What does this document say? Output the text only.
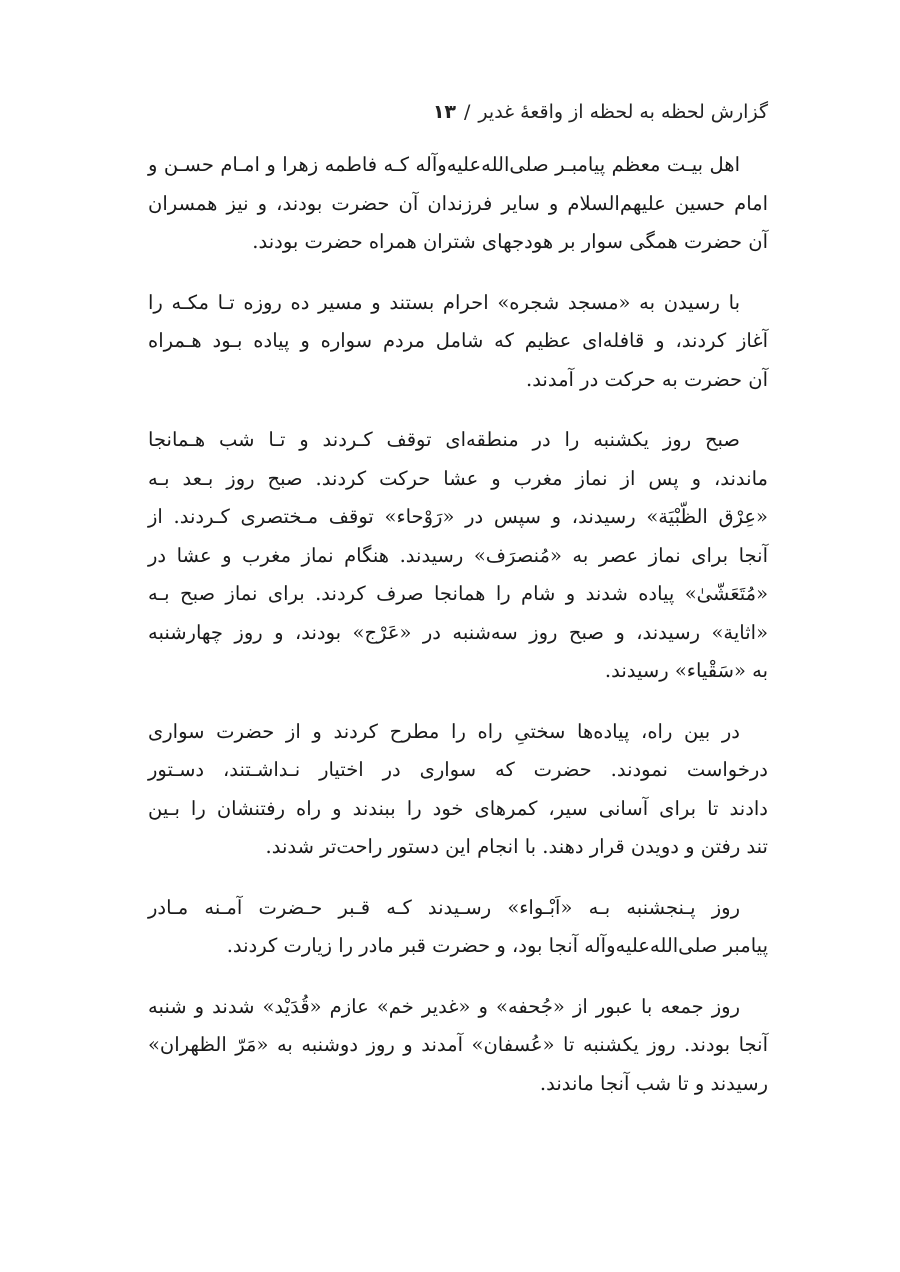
گزارش لحظه به لحظه از واقعهٔ غدیر
/
۱۳
اهل بیـت معظم پیامبـر صلی‌الله‌علیه‌وآله کـه فاطمه زهرا و امـام حسـن و
امام حسین علیهم‌السلام و سایر فرزندان آن حضرت بودند، و نیز همسران
آن حضرت همگی سوار بر هودجهای شتران همراه حضرت بودند.
با رسیدن به «مسجد شجره» احرام بستند و مسیر ده روزه تـا مکـه را
آغاز کردند، و قافله‌ای عظیم که شامل مردم سواره و پیاده بـود هـمراه
آن حضرت به حرکت در آمدند.
صبح روز یکشنبه را در منطقه‌ای توقف کـردند و تـا شب هـمانجا
ماندند، و پس از نماز مغرب و عشا حرکت کردند. صبح روز بـعد بـه
«عِرْق الظّبْيَة» رسیدند، و سپس در «رَوْحاء» توقف مـختصری کـردند. از
آنجا برای نماز عصر به «مُنصرَف» رسیدند. هنگام نماز مغرب و عشا در
«مُتَعَشّىٰ» پیاده شدند و شام را همانجا صرف کردند. برای نماز صبح بـه
«اثایة» رسیدند، و صبح روز سه‌شنبه در «عَرْج» بودند، و روز چهارشنبه
به «سَقْیاء» رسیدند.
در بین راه، پیاده‌ها سختیِ راه را مطرح کردند و از حضرت سواری
درخواست نمودند. حضرت که سواری در اختیار نـداشـتند، دسـتور
دادند تا برای آسانی سیر، کمرهای خود را ببندند و راه رفتنشان را بـین
تند رفتن و دویدن قرار دهند. با انجام این دستور راحت‌تر شدند.
روز پـنجشنبه بـه «اَبْـواء» رسـیدند کـه قـبر حـضرت آمـنه مـادر
پیامبر صلی‌الله‌علیه‌وآله آنجا بود، و حضرت قبر مادر را زیارت کردند.
روز جمعه با عبور از «جُحفه» و «غدیر خم» عازم «قُدَيْد» شدند و شنبه
آنجا بودند. روز یکشنبه تا «عُسفان» آمدند و روز دوشنبه به «مَرّ الظهران»
رسیدند و تا شب آنجا ماندند.
